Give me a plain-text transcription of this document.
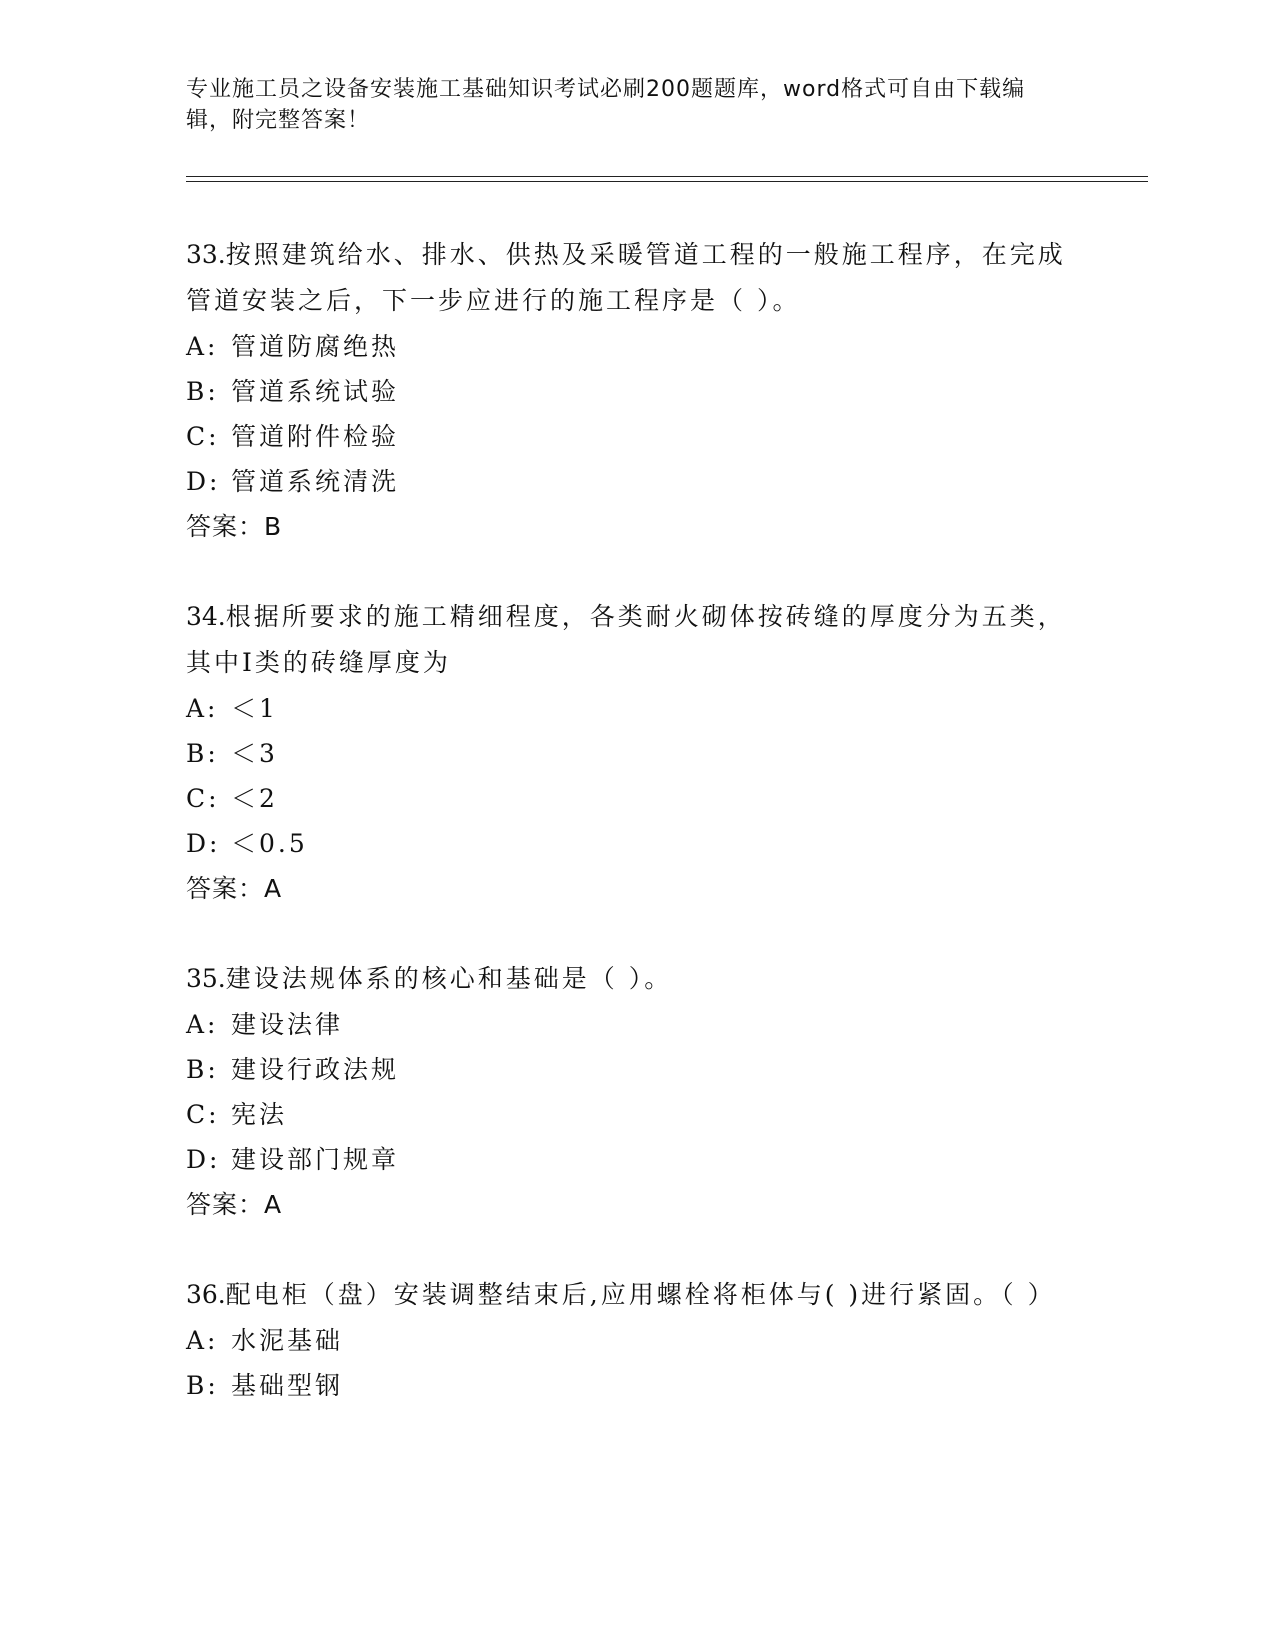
专业施工员之设备安装施工基础知识考试必刷200题题库，word格式可自由下载编辑，附完整答案！

33.按照建筑给水、排水、供热及采暖管道工程的一般施工程序，在完成管道安装之后，下一步应进行的施工程序是（ ）。

A: 管道防腐绝热
B: 管道系统试验
C: 管道附件检验
D: 管道系统清洗
答案：B

34.根据所要求的施工精细程度，各类耐火砌体按砖缝的厚度分为五类，其中Ⅰ类的砖缝厚度为

A: ＜1
B: ＜3
C: ＜2
D: ＜0.5
答案：A

35.建设法规体系的核心和基础是（ ）。

A: 建设法律
B: 建设行政法规
C: 宪法
D: 建设部门规章
答案：A

36.配电柜（盘）安装调整结束后,应用螺栓将柜体与( )进行紧固。（ ）

A: 水泥基础
B: 基础型钢
